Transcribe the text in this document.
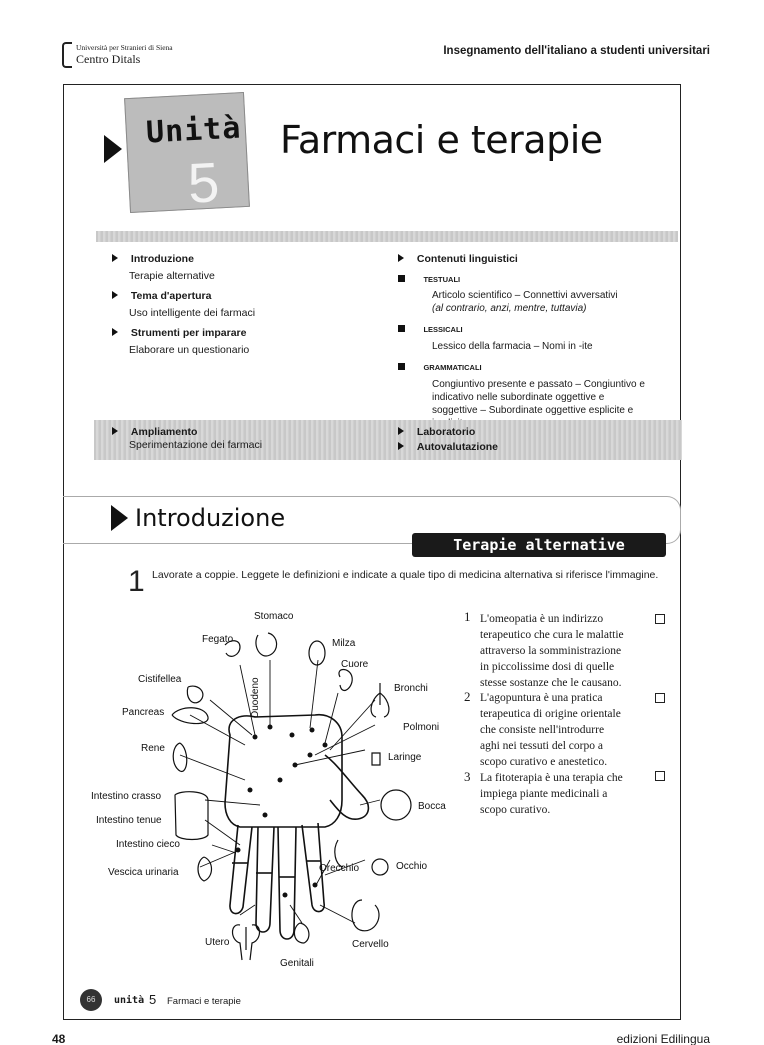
Università per Stranieri di Siena
Centro Ditals
Insegnamento dell'italiano a studenti universitari
Unità
5
Farmaci e terapie
Introduzione
Terapie alternative
Tema d'apertura
Uso intelligente dei farmaci
Strumenti per imparare
Elaborare un questionario
Contenuti linguistici
TESTUALI
Articolo scientifico – Connettivi avversativi
(al contrario, anzi, mentre, tuttavia)
LESSICALI
Lessico della farmacia – Nomi in -ite
GRAMMATICALI
Congiuntivo presente e passato – Congiuntivo e
indicativo nelle subordinate oggettive e
soggettive – Subordinate oggettive esplicite e
Ampliamento
Sperimentazione dei farmaci
Laboratorio
Autovalutazione
Introduzione
Terapie alternative
1 Lavorate a coppie. Leggete le definizioni e indicate a quale tipo di medicina alternativa si riferisce l'immagine.
Stomaco
Fegato	Milza
Cuore
Cistifellea	Duodeno	Bronchi
Pancreas
Polmoni
Rene
Laringe
Intestino crasso
Bocca
Intestino tenue
Intestino cieco
Orecchio	Occhio
Vescica urinaria
Utero	Cervello
Genitali
1 L'omeopatia è un indirizzo
terapeutico che cura le malattie
attraverso la somministrazione
in piccolissime dosi di quelle
stesse sostanze che le causano.
2 L'agopuntura è una pratica
terapeutica di origine orientale
che consiste nell'introdurre
aghi nei tessuti del corpo a
scopo curativo e anestetico.
3 La fitoterapia è una terapia che
impiega piante medicinali a
scopo curativo.
66	unità 5 Farmaci e terapie
48	edizioni Edilingua
